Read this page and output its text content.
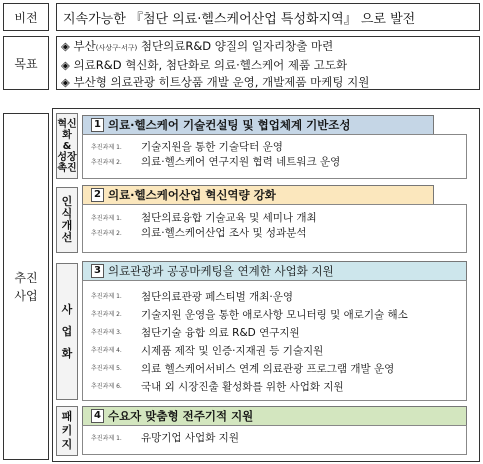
비전 지속가능한 『첨단 의료·헬스케어산업 특성화지역』 으로 발전
목표
◈ 부산(사상구·서구) 첨단의료R&D 양질의 일자리창출 마련
◈ 의료R&D 혁신화, 첨단화로 의료·헬스케어 제품 고도화
◈ 부산형 의료관광 히트상품 개발 운영, 개발제품 마케팅 지원
추진
사업
혁신
화
&
성장
촉진
1 의료·헬스케어 기술컨설팅 및 협업체계 기반조성
추진과제 1.	기술지원을 통한 기술닥터 운영
추진과제 2.	의료·헬스케어 연구지원 협력 네트워크 운영
인식
개선
2 의료·헬스케어산업 혁신역량 강화
추진과제 1.	첨단의료융합 기술교육 및 세미나 개최
추진과제 2.	의료·헬스케어산업 조사 및 성과분석
사
업
화
3 의료관광과 공공마케팅을 연계한 사업화 지원
추진과제 1.	첨단의료관광 페스티벌 개최·운영
추진과제 2.	기술지원 운영을 통한 애로사항 모니터링 및 애로기술 해소
추진과제 3.	첨단기술 융합 의료 R&D 연구지원
추진과제 4.	시제품 제작 및 인증·지재권 등 기술지원
추진과제 5.	의료 헬스케어서비스 연계 의료관광 프로그램 개발 운영
추진과제 6.	국내 외 시장진출 활성화를 위한 사업화 지원
패
키
지
4 수요자 맞춤형 전주기적 지원
추진과제 1.	유망기업 사업화 지원
